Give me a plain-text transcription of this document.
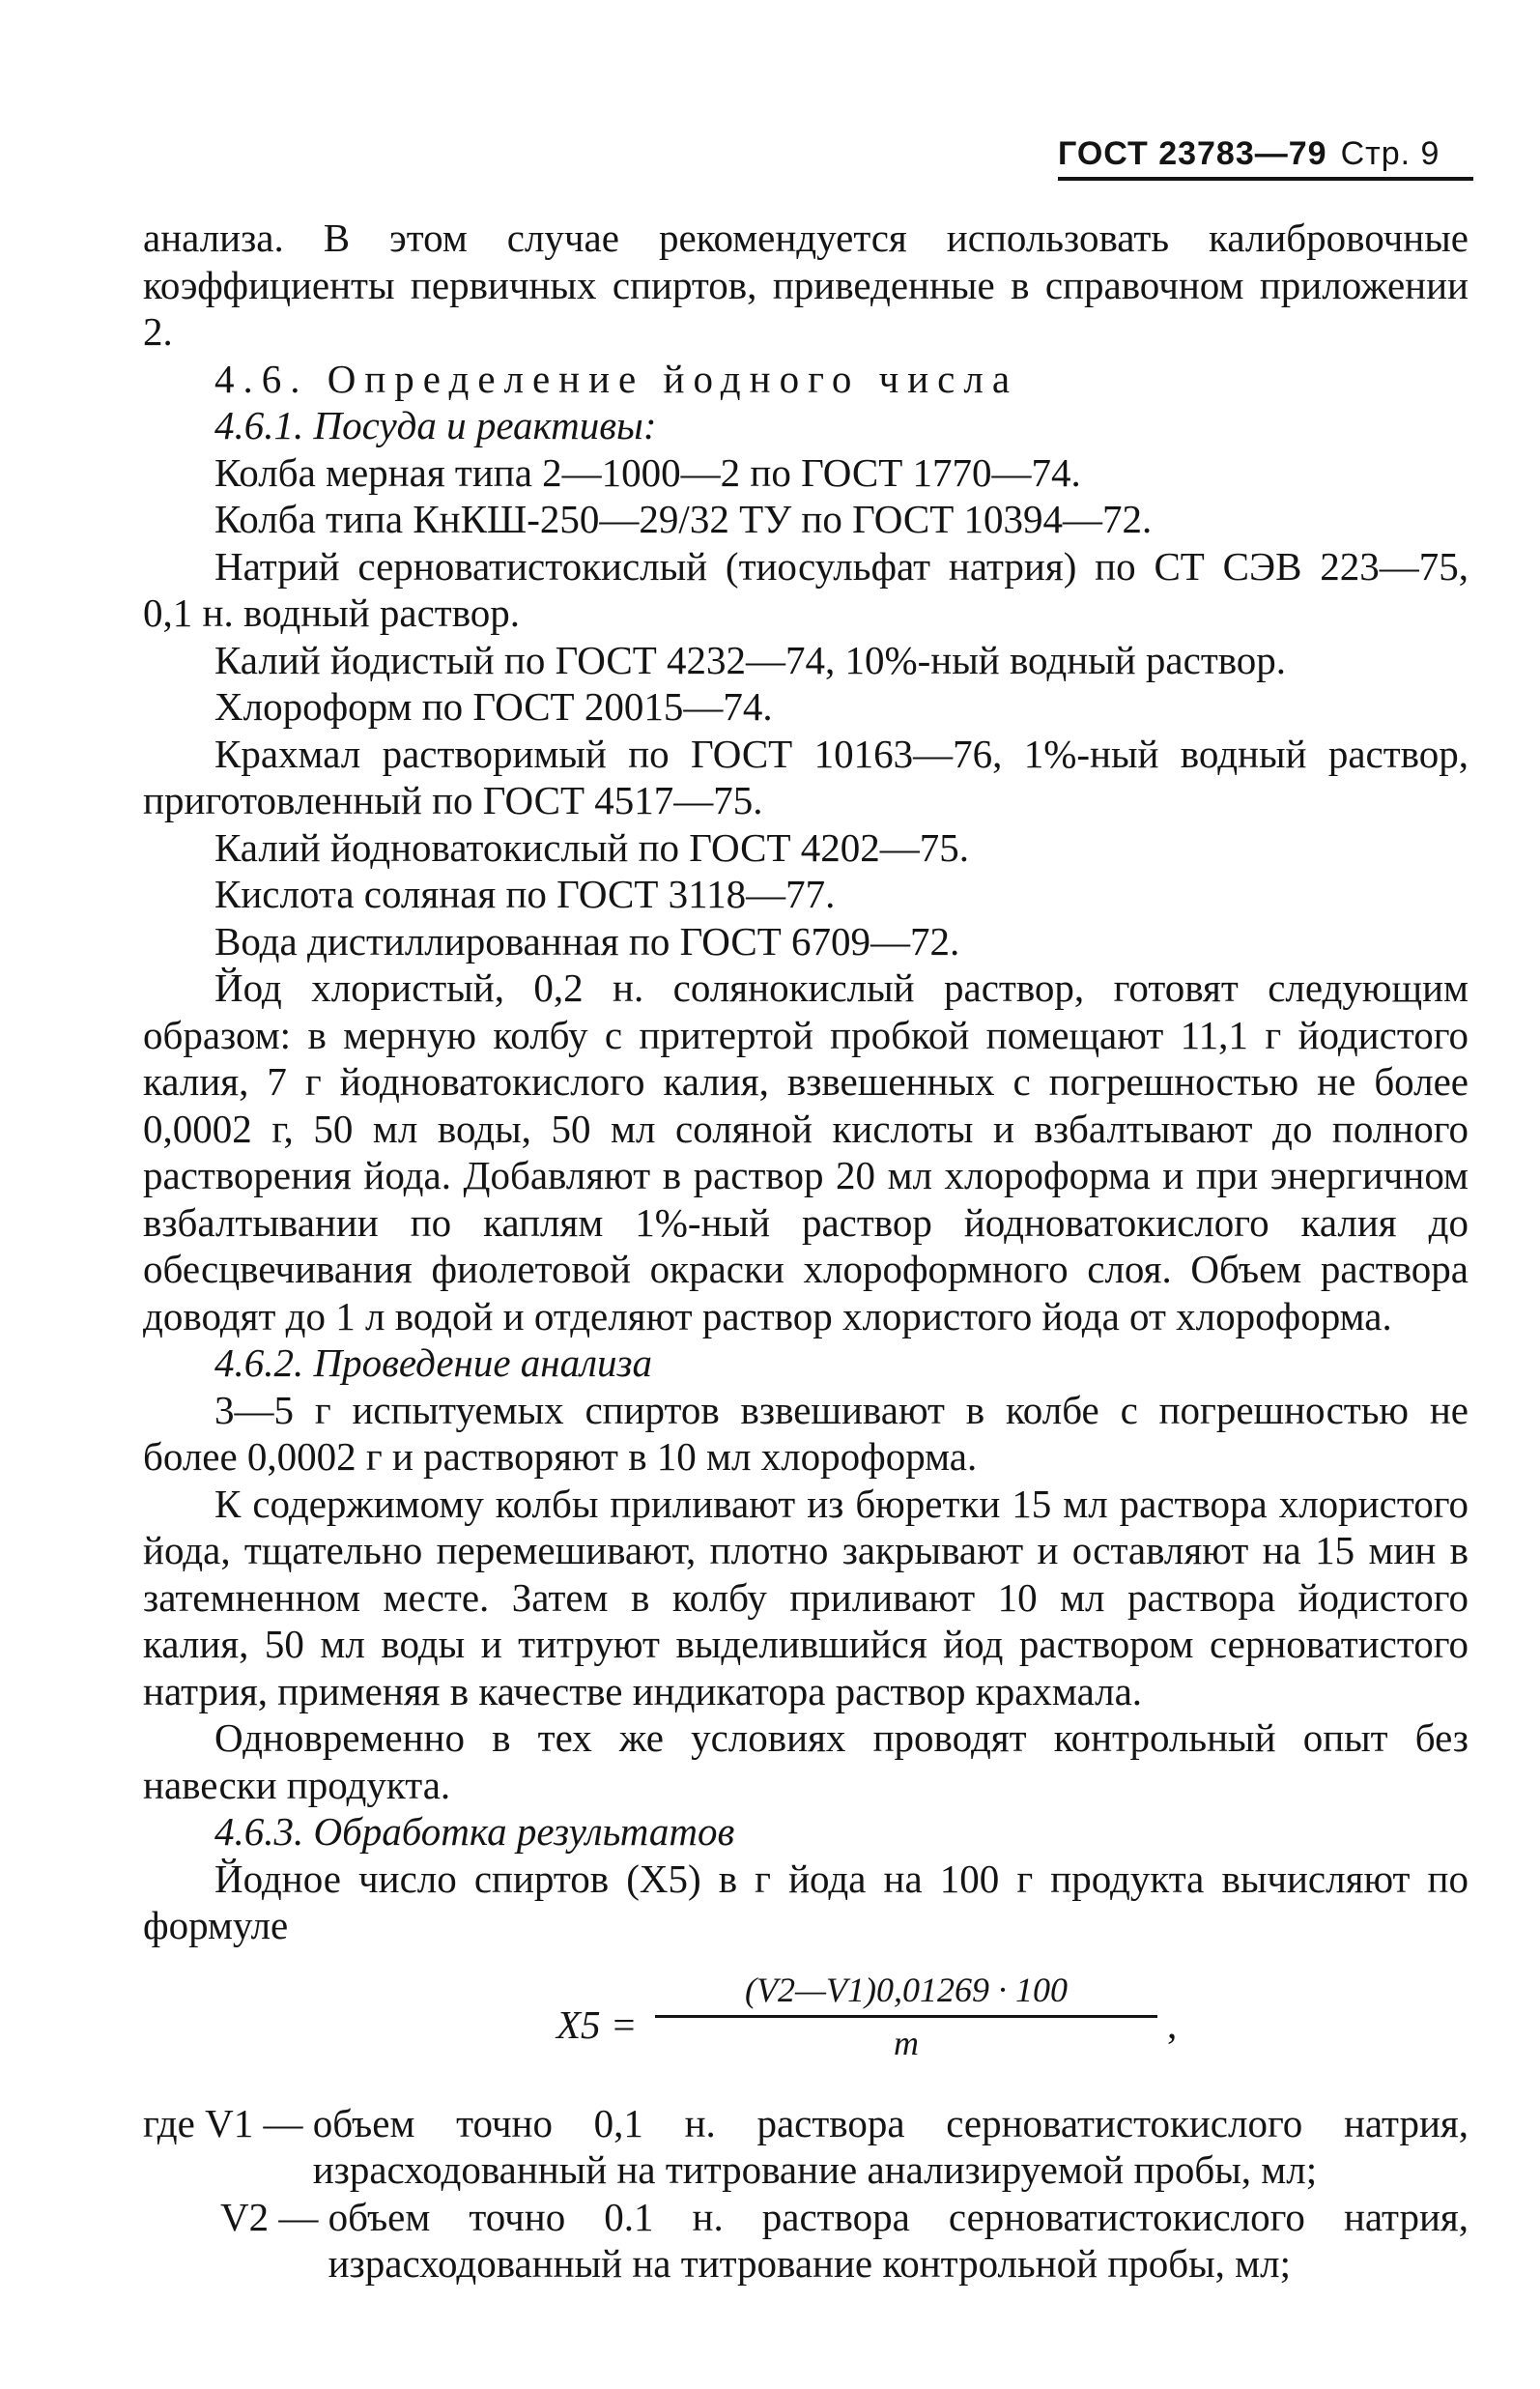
ГОСТ 23783—79 Стр. 9

анализа. В этом случае рекомендуется использовать калибровочные коэффициенты первичных спиртов, приведенные в справочном приложении 2.

4.6. Определение йодного числа

4.6.1. Посуда и реактивы:

Колба мерная типа 2—1000—2 по ГОСТ 1770—74.

Колба типа КнКШ-250—29/32 ТУ по ГОСТ 10394—72.

Натрий серноватистокислый (тиосульфат натрия) по СТ СЭВ 223—75, 0,1 н. водный раствор.

Калий йодистый по ГОСТ 4232—74, 10%-ный водный раствор.

Хлороформ по ГОСТ 20015—74.

Крахмал растворимый по ГОСТ 10163—76, 1%-ный водный раствор, приготовленный по ГОСТ 4517—75.

Калий йодноватокислый по ГОСТ 4202—75.

Кислота соляная по ГОСТ 3118—77.

Вода дистиллированная по ГОСТ 6709—72.

Йод хлористый, 0,2 н. солянокислый раствор, готовят следующим образом: в мерную колбу с притертой пробкой помещают 11,1 г йодистого калия, 7 г йодноватокислого калия, взвешенных с погрешностью не более 0,0002 г, 50 мл воды, 50 мл соляной кислоты и взбалтывают до полного растворения йода. Добавляют в раствор 20 мл хлороформа и при энергичном взбалтывании по каплям 1%-ный раствор йодноватокислого калия до обесцвечивания фиолетовой окраски хлороформного слоя. Объем раствора доводят до 1 л водой и отделяют раствор хлористого йода от хлороформа.

4.6.2. Проведение анализа

3—5 г испытуемых спиртов взвешивают в колбе с погрешностью не более 0,0002 г и растворяют в 10 мл хлороформа.

К содержимому колбы приливают из бюретки 15 мл раствора хлористого йода, тщательно перемешивают, плотно закрывают и оставляют на 15 мин в затемненном месте. Затем в колбу приливают 10 мл раствора йодистого калия, 50 мл воды и титруют выделившийся йод раствором серноватистого натрия, применяя в качестве индикатора раствор крахмала.

Одновременно в тех же условиях проводят контрольный опыт без навески продукта.

4.6.3. Обработка результатов

Йодное число спиртов (X5) в г йода на 100 г продукта вычисляют по формуле

$X5 = \frac{(V2—V1)0,01269 \cdot 100}{m}$ ,
где V1 — объем точно 0,1 н. раствора серноватистокислого натрия, израсходованный на титрование анализируемой пробы, мл;
V2 — объем точно 0.1 н. раствора серноватистокислого натрия, израсходованный на титрование контрольной пробы, мл;
